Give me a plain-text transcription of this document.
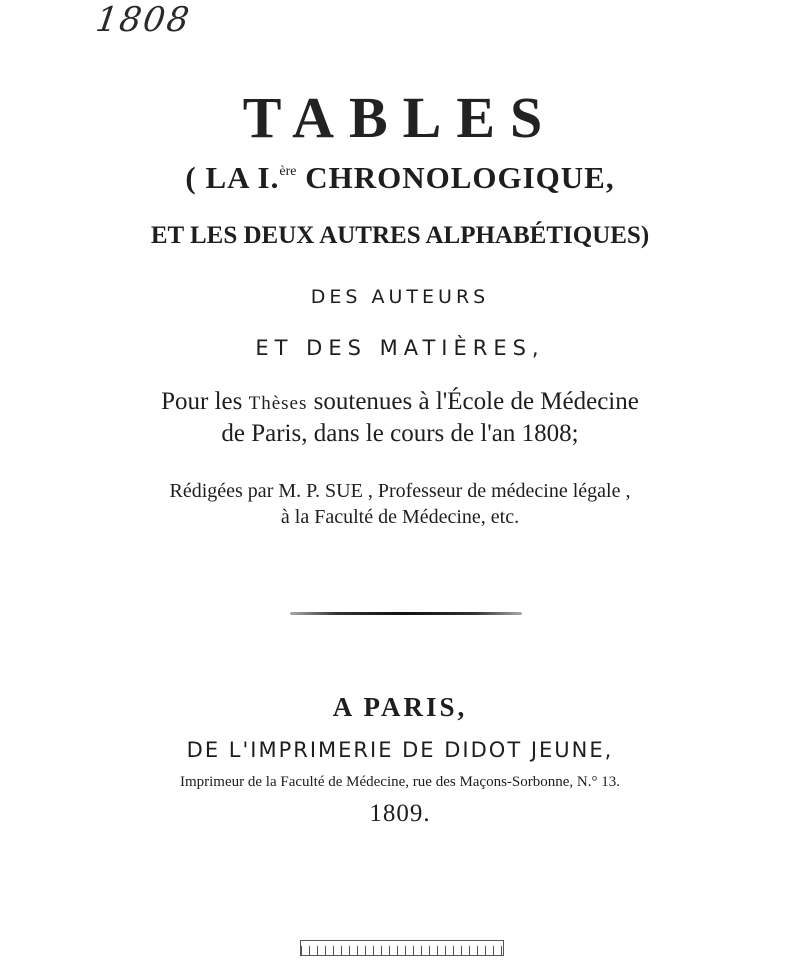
1808
TABLES
( LA I.$^{ère}$ CHRONOLOGIQUE,
ET LES DEUX AUTRES ALPHABÉTIQUES)
DES AUTEURS
ET DES MATIÈRES,
Pour les Thèses soutenues à l'École de Médecine
de Paris, dans le cours de l'an 1808;
Rédigées par M. P. SUE , Professeur de médecine légale ,
à la Faculté de Médecine, etc.
A PARIS,
DE L'IMPRIMERIE DE DIDOT JEUNE,
Imprimeur de la Faculté de Médecine, rue des Maçons-Sorbonne, N.° 13.
1809.
